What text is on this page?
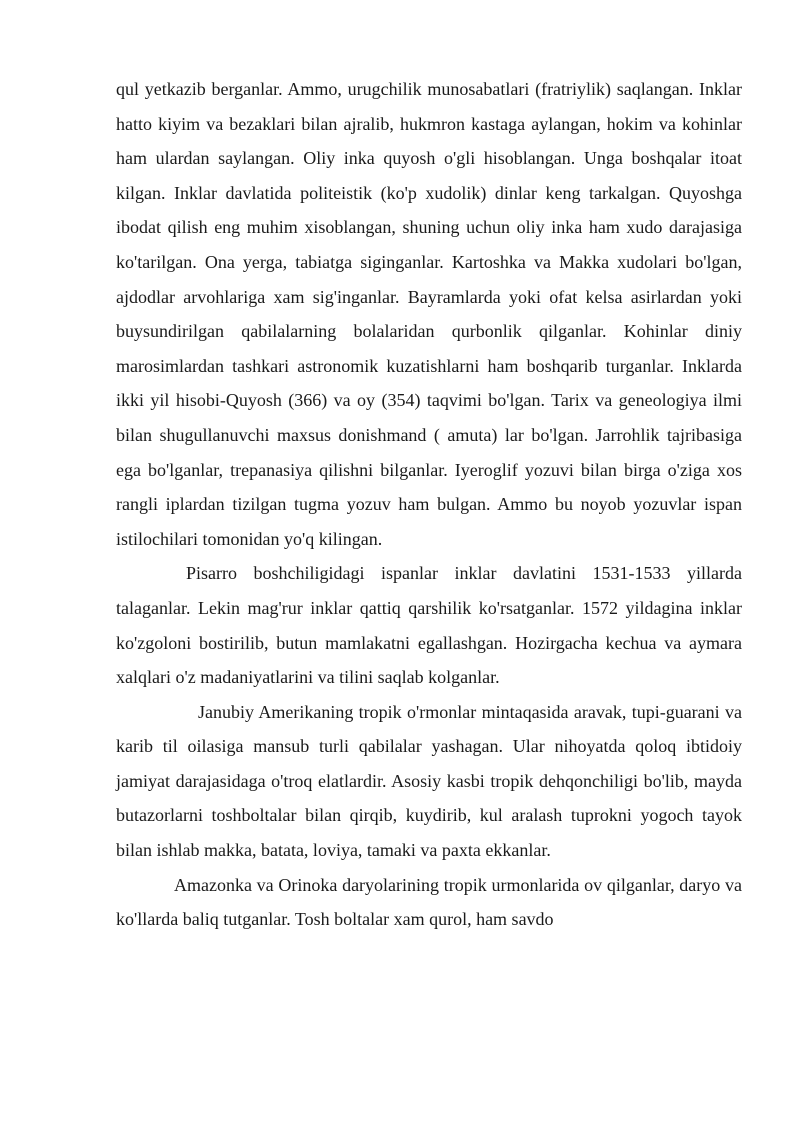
qul yetkazib berganlar. Ammo, urugchilik munosabatlari (fratriylik) saqlangan. Inklar hatto kiyim va bezaklari bilan ajralib, hukmron kastaga aylangan, hokim va kohinlar ham ulardan saylangan. Oliy inka quyosh o'gli hisoblangan. Unga boshqalar itoat kilgan. Inklar davlatida politeistik (ko'p xudolik) dinlar keng tarkalgan. Quyoshga ibodat qilish eng muhim xisoblangan, shuning uchun oliy inka ham xudo darajasiga ko'tarilgan. Ona yerga, tabiatga siginganlar. Kartoshka va Makka xudolari bo'lgan, ajdodlar arvohlariga xam sig'inganlar. Bayramlarda yoki ofat kelsa asirlardan yoki buysundirilgan qabilalarning bolalaridan qurbonlik qilganlar. Kohinlar diniy marosimlardan tashkari astronomik kuzatishlarni ham boshqarib turganlar. Inklarda ikki yil hisobi-Quyosh (366) va oy (354) taqvimi bo'lgan. Tarix va geneologiya ilmi bilan shugullanuvchi maxsus donishmand ( amuta) lar bo'lgan. Jarrohlik tajribasiga ega bo'lganlar, trepanasiya qilishni bilganlar. Iyeroglif yozuvi bilan birga o'ziga xos rangli iplardan tizilgan tugma yozuv ham bulgan. Ammo bu noyob yozuvlar ispan istilochilari tomonidan yo'q kilingan.

Pisarro boshchiligidagi ispanlar inklar davlatini 1531-1533 yillarda talaganlar. Lekin mag'rur inklar qattiq qarshilik ko'rsatganlar. 1572 yildagina inklar ko'zgoloni bostirilib, butun mamlakatni egallashgan. Hozirgacha kechua va aymara xalqlari o'z madaniyatlarini va tilini saqlab kolganlar.

Janubiy Amerikaning tropik o'rmonlar mintaqasida aravak, tupi-guarani va karib til oilasiga mansub turli qabilalar yashagan. Ular nihoyatda qoloq ibtidoiy jamiyat darajasidaga o'troq elatlardir. Asosiy kasbi tropik dehqonchiligi bo'lib, mayda butazorlarni toshboltalar bilan qirqib, kuydirib, kul aralash tuprokni yogoch tayok bilan ishlab makka, batata, loviya, tamaki va paxta ekkanlar.

Amazonka va Orinoka daryolarining tropik urmonlarida ov qilganlar, daryo va ko'llarda baliq tutganlar. Tosh boltalar xam qurol, ham savdo
